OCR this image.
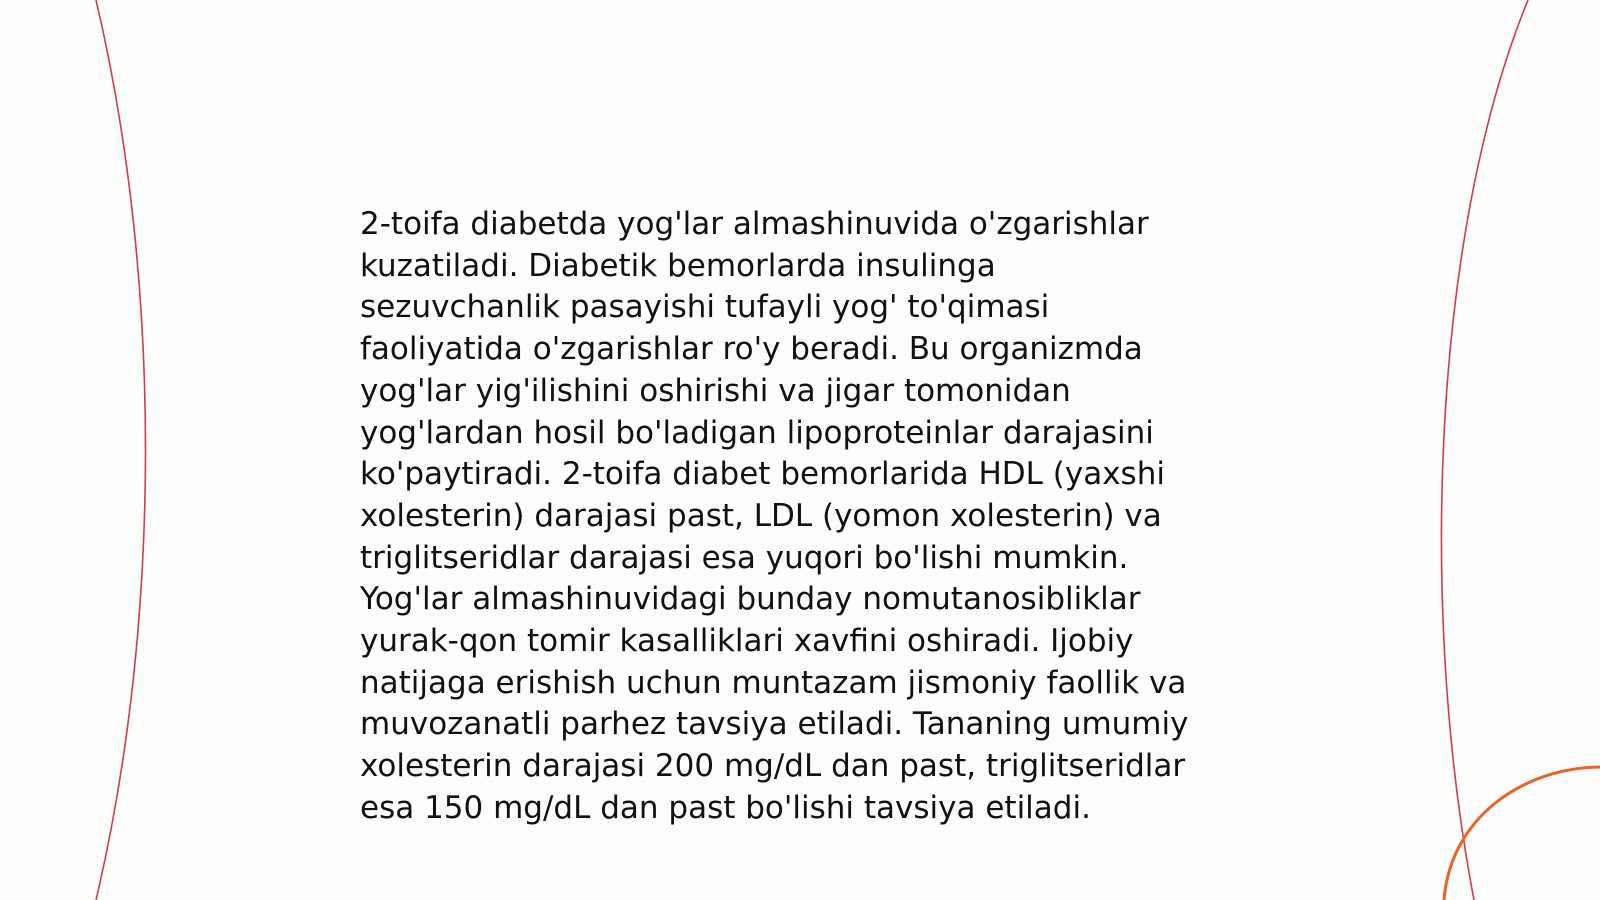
2-toifa diabetda yog'lar almashinuvida o'zgarishlar
kuzatiladi. Diabetik bemorlarda insulinga
sezuvchanlik pasayishi tufayli yog' to'qimasi
faoliyatida o'zgarishlar ro'y beradi. Bu organizmda
yog'lar yig'ilishini oshirishi va jigar tomonidan
yog'lardan hosil bo'ladigan lipoproteinlar darajasini
ko'paytiradi. 2-toifa diabet bemorlarida HDL (yaxshi
xolesterin) darajasi past, LDL (yomon xolesterin) va
triglitseridlar darajasi esa yuqori bo'lishi mumkin.
Yog'lar almashinuvidagi bunday nomutanosibliklar
yurak-qon tomir kasalliklari xavfini oshiradi. Ijobiy
natijaga erishish uchun muntazam jismoniy faollik va
muvozanatli parhez tavsiya etiladi. Tananing umumiy
xolesterin darajasi 200 mg/dL dan past, triglitseridlar
esa 150 mg/dL dan past bo'lishi tavsiya etiladi.
